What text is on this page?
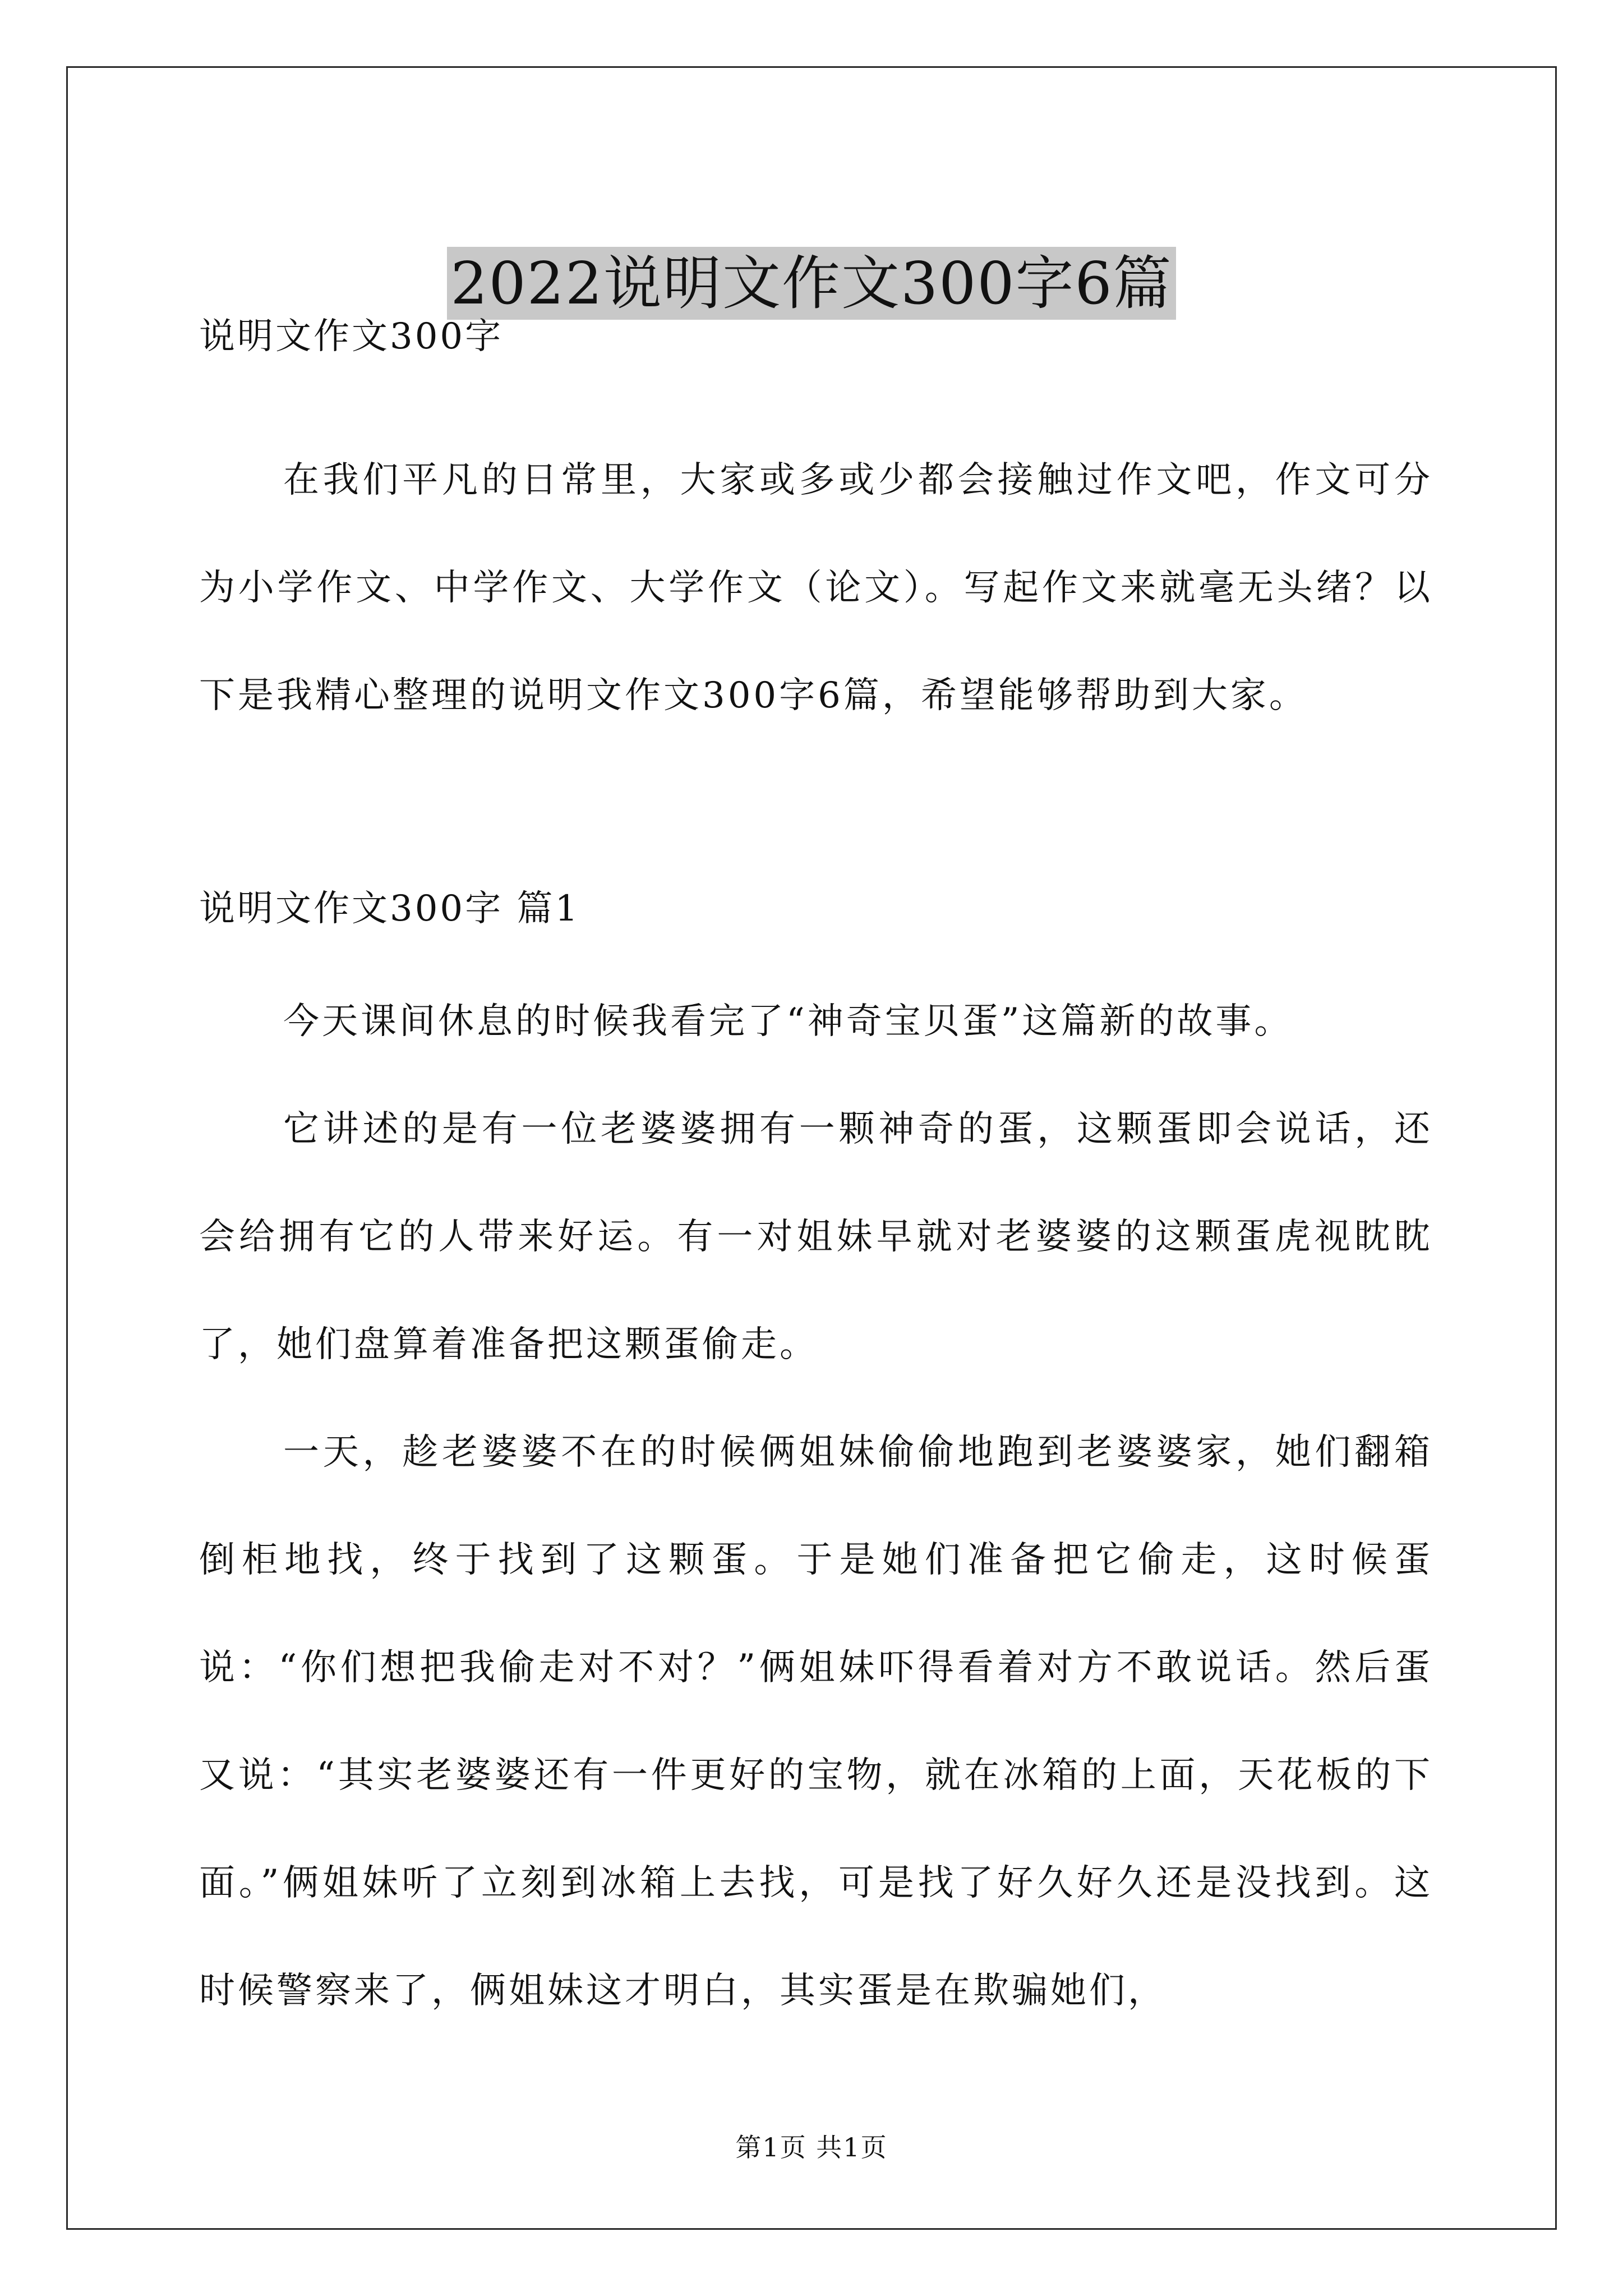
2022说明文作文300字6篇

说明文作文300字

在我们平凡的日常里，大家或多或少都会接触过作文吧，作文可分为小学作文、中学作文、大学作文（论文）。写起作文来就毫无头绪？以下是我精心整理的说明文作文300字6篇，希望能够帮助到大家。

说明文作文300字 篇1

今天课间休息的时候我看完了“神奇宝贝蛋”这篇新的故事。

它讲述的是有一位老婆婆拥有一颗神奇的蛋，这颗蛋即会说话，还会给拥有它的人带来好运。有一对姐妹早就对老婆婆的这颗蛋虎视眈眈了，她们盘算着准备把这颗蛋偷走。

一天，趁老婆婆不在的时候俩姐妹偷偷地跑到老婆婆家，她们翻箱倒柜地找，终于找到了这颗蛋。于是她们准备把它偷走，这时候蛋说：“你们想把我偷走对不对？”俩姐妹吓得看着对方不敢说话。然后蛋又说：“其实老婆婆还有一件更好的宝物，就在冰箱的上面，天花板的下面。”俩姐妹听了立刻到冰箱上去找，可是找了好久好久还是没找到。这时候警察来了，俩姐妹这才明白，其实蛋是在欺骗她们，

第1页 共1页
